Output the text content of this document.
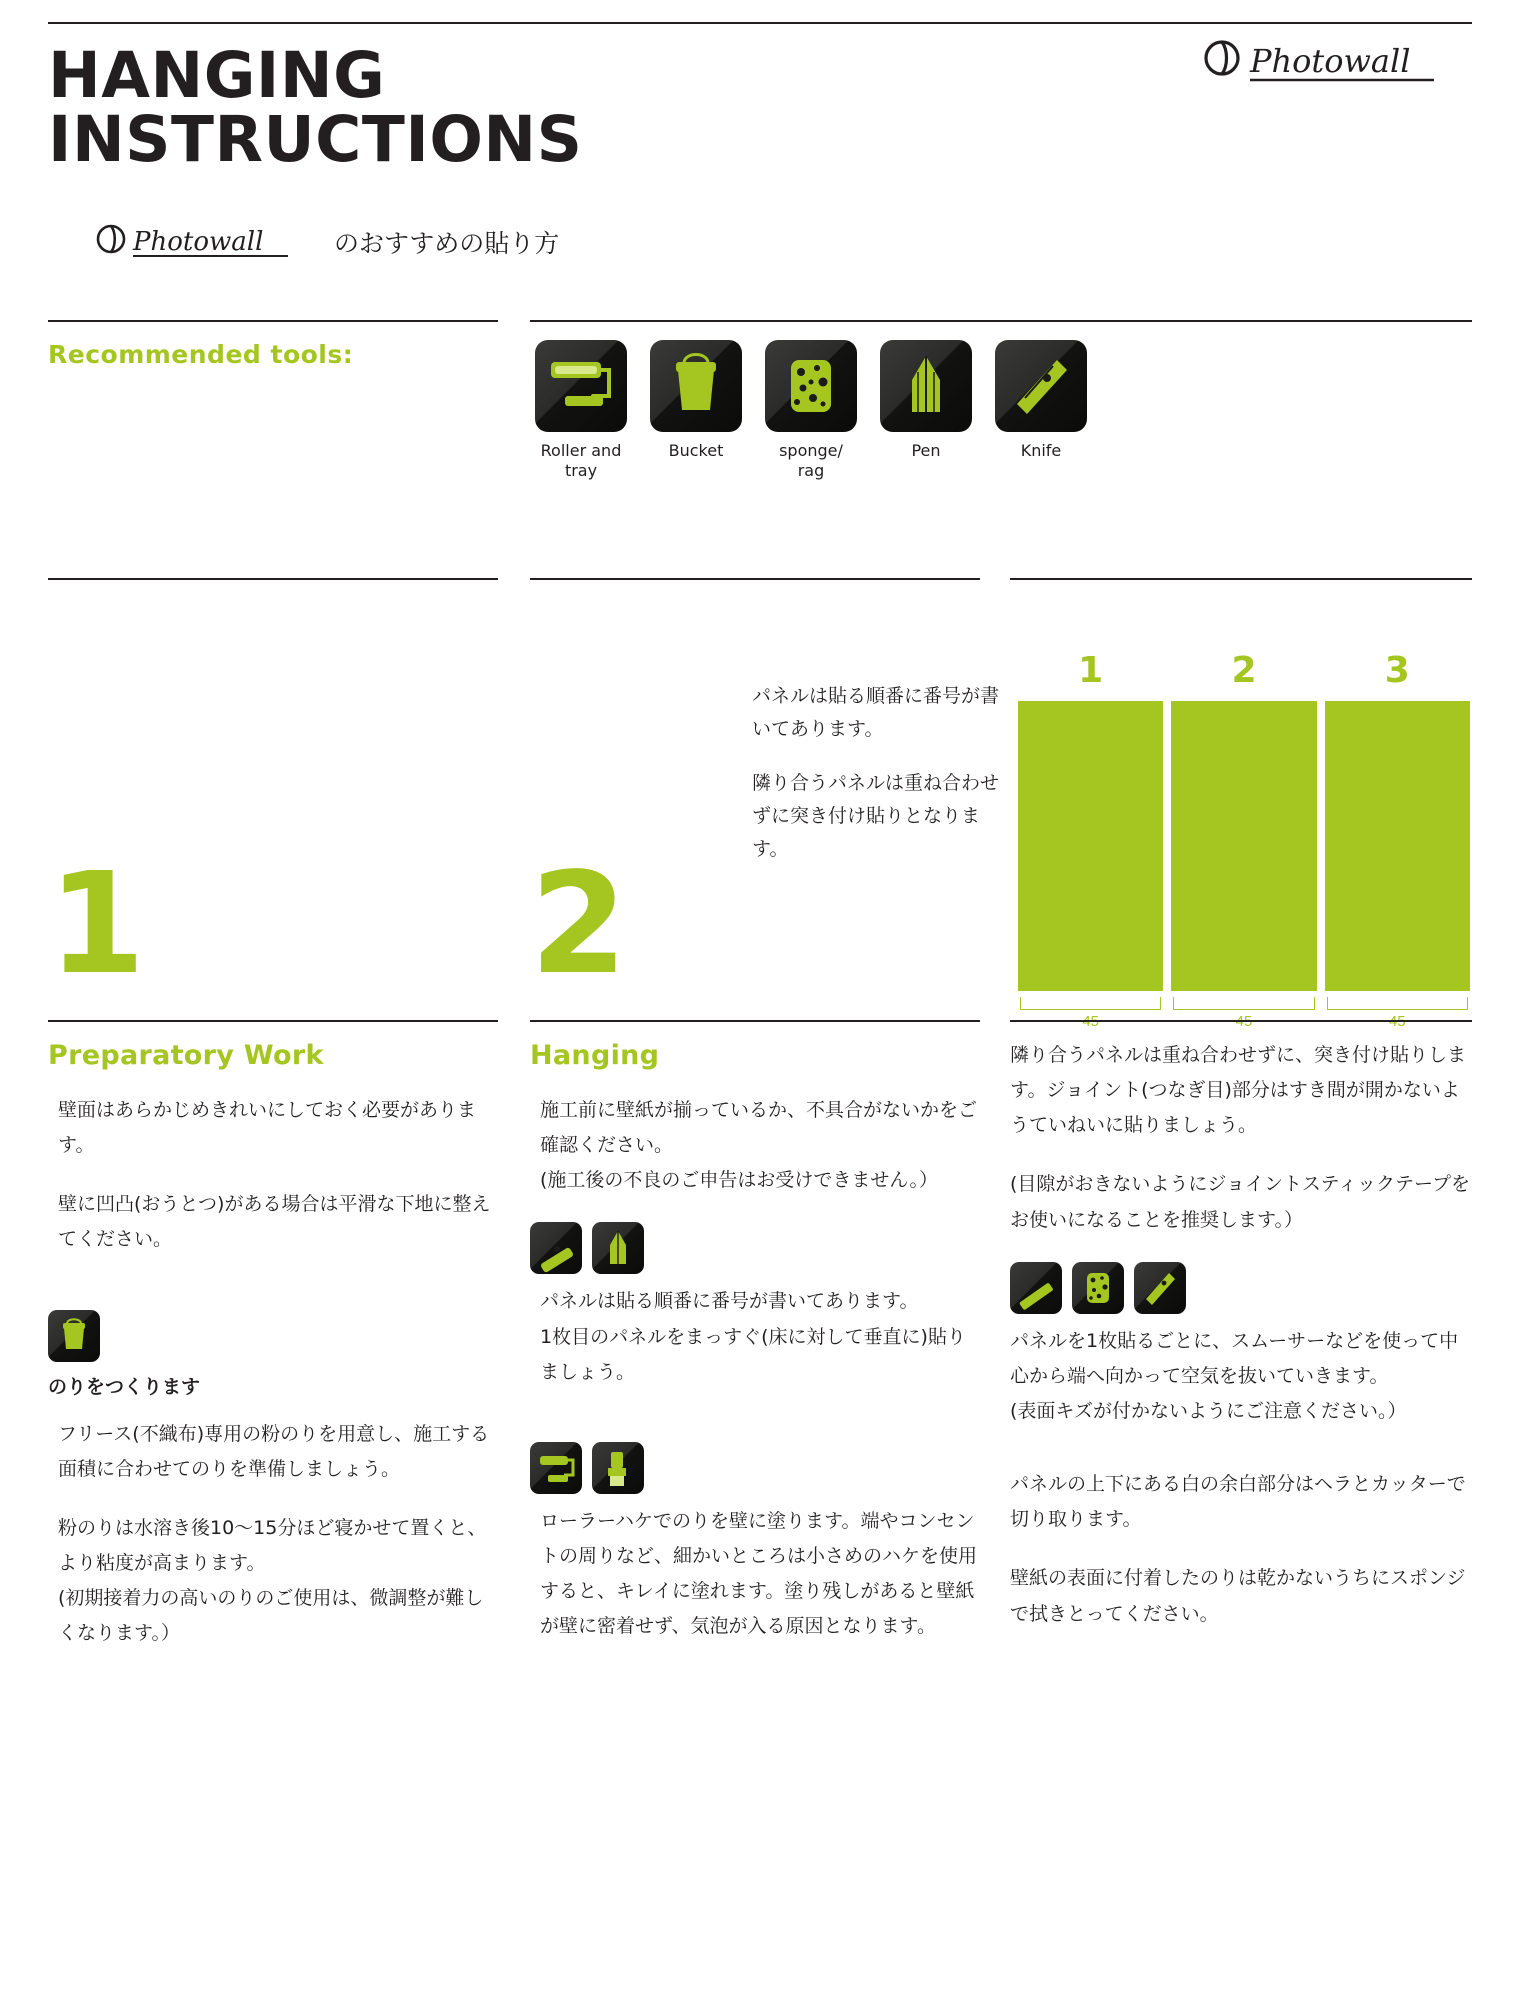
Photowall
HANGING
INSTRUCTIONS
Photowall	のおすすめの貼り方
Recommended tools:
Roller and tray
Bucket	sponge/ rag
Pen	Knife
1	2

パネルは貼る順番に番号が書いてあります。

隣り合うパネルは重ね合わせずに突き付け貼りとなります。

1	2	3
Preparatory Work

壁面はあらかじめきれいにしておく必要があります。

壁に凹凸(おうとつ)がある場合は平滑な下地に整えてください。

のりをつくります

フリース(不織布)専用の粉のりを用意し、施工する面積に合わせてのりを準備しましょう。

粉のりは水溶き後10〜15分ほど寝かせて置くと、より粘度が高まります。

(初期接着力の高いのりのご使用は、微調整が難しくなります。）

Hanging

施工前に壁紙が揃っているか、不具合がないかをご確認ください。

(施工後の不良のご申告はお受けできません。）

パネルは貼る順番に番号が書いてあります。

1枚目のパネルをまっすぐ(床に対して垂直に)貼りましょう。

ローラーハケでのりを壁に塗ります。端やコンセントの周りなど、細かいところは小さめのハケを使用すると、キレイに塗れます。塗り残しがあると壁紙が壁に密着せず、気泡が入る原因となります。

隣り合うパネルは重ね合わせずに、突き付け貼りします。ジョイント(つなぎ目)部分はすき間が開かないようていねいに貼りましょう。

(目隙がおきないようにジョイントスティックテープをお使いになることを推奨します。）

パネルを1枚貼るごとに、スムーサーなどを使って中心から端へ向かって空気を抜いていきます。

(表面キズが付かないようにご注意ください。）

パネルの上下にある白の余白部分はヘラとカッターで切り取ります。

壁紙の表面に付着したのりは乾かないうちにスポンジで拭きとってください。
